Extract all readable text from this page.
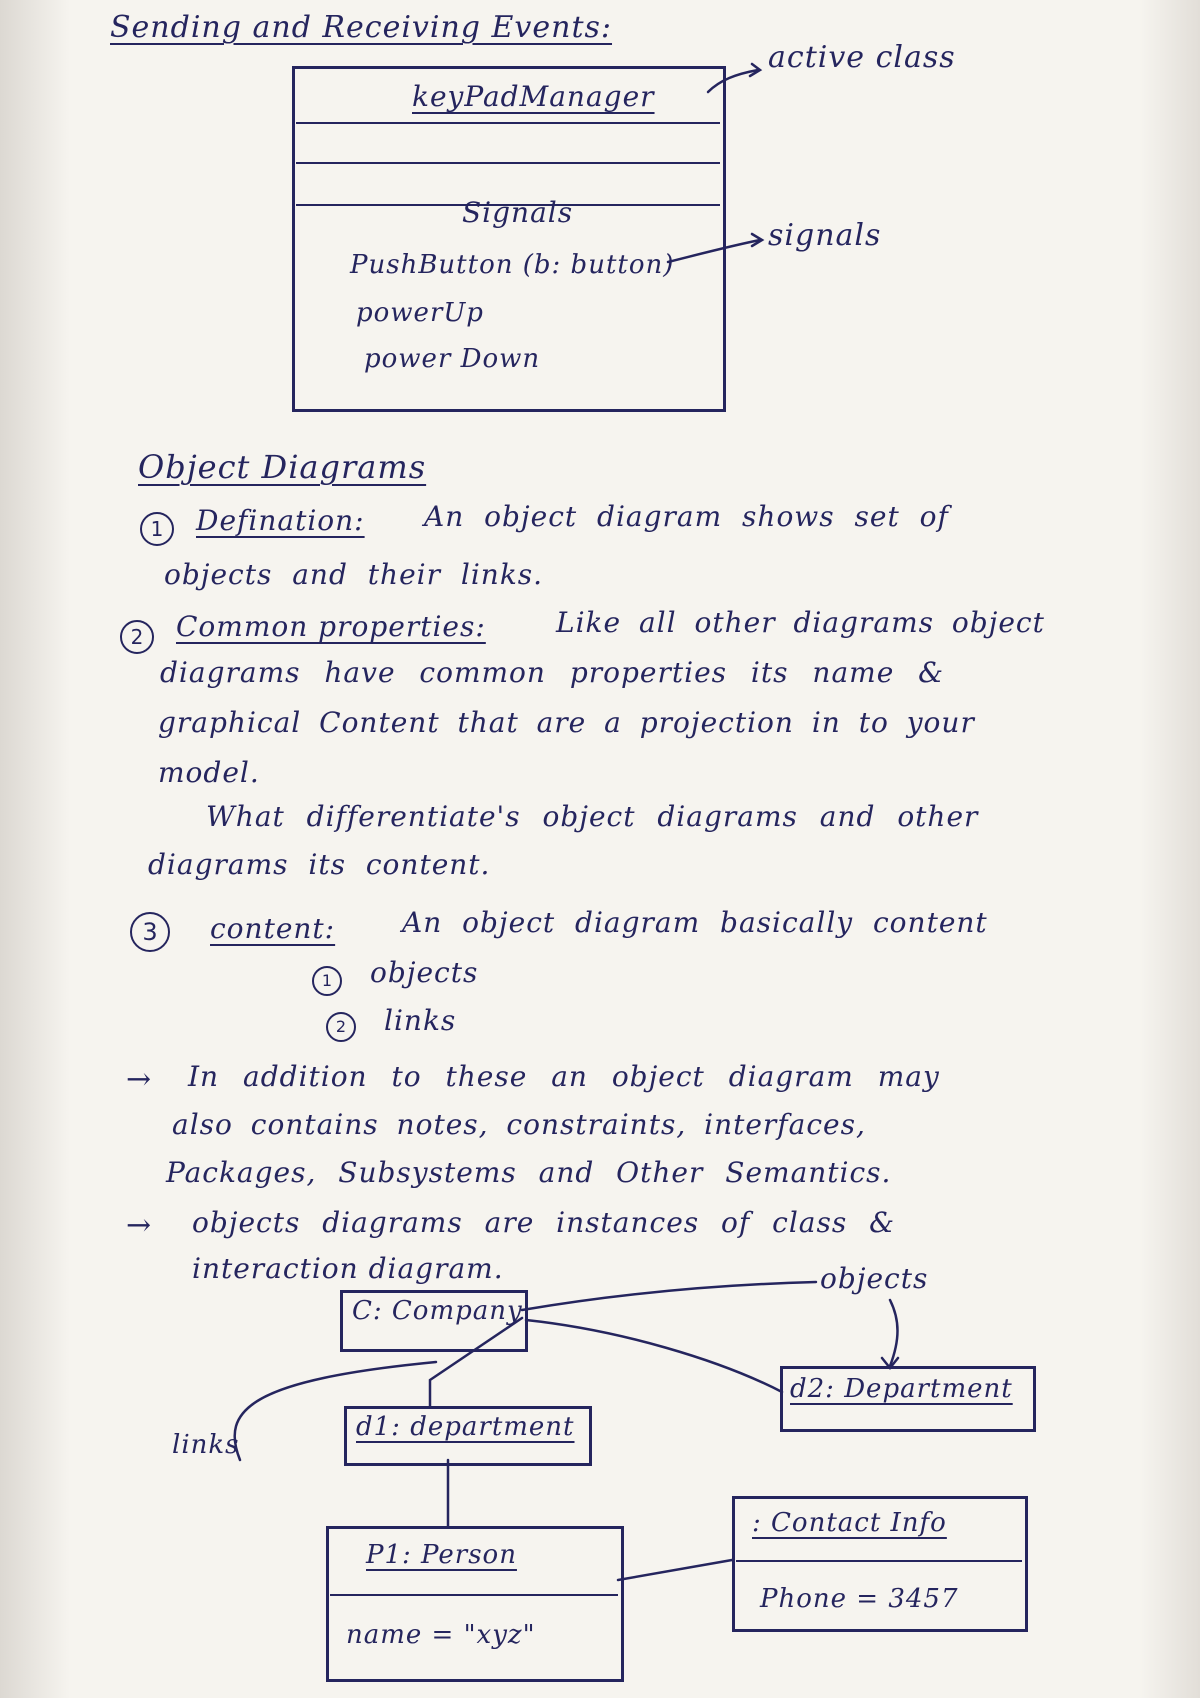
Sending and Receiving Events:
keyPadManager
Signals
PushButton (b: button)
powerUp
power Down
active class
signals
Object Diagrams
1	Defination: An object diagram shows set of
objects and their links.
2	Common properties:	Like all other diagrams object
diagrams have common properties its name &
graphical Content that are a projection in to your
model.
What differentiate's object diagrams and other
diagrams its content.
3	content: An object diagram basically content
1	objects
2	links
→ In addition to these an object diagram may
also contains notes, constraints, interfaces,
Packages, Subsystems and Other Semantics.
→ objects diagrams are instances of class &
interaction diagram.
C: Company
objects
d2: Department
d1: department
links
P1: Person
name = "xyz"
: Contact Info
Phone = 3457
